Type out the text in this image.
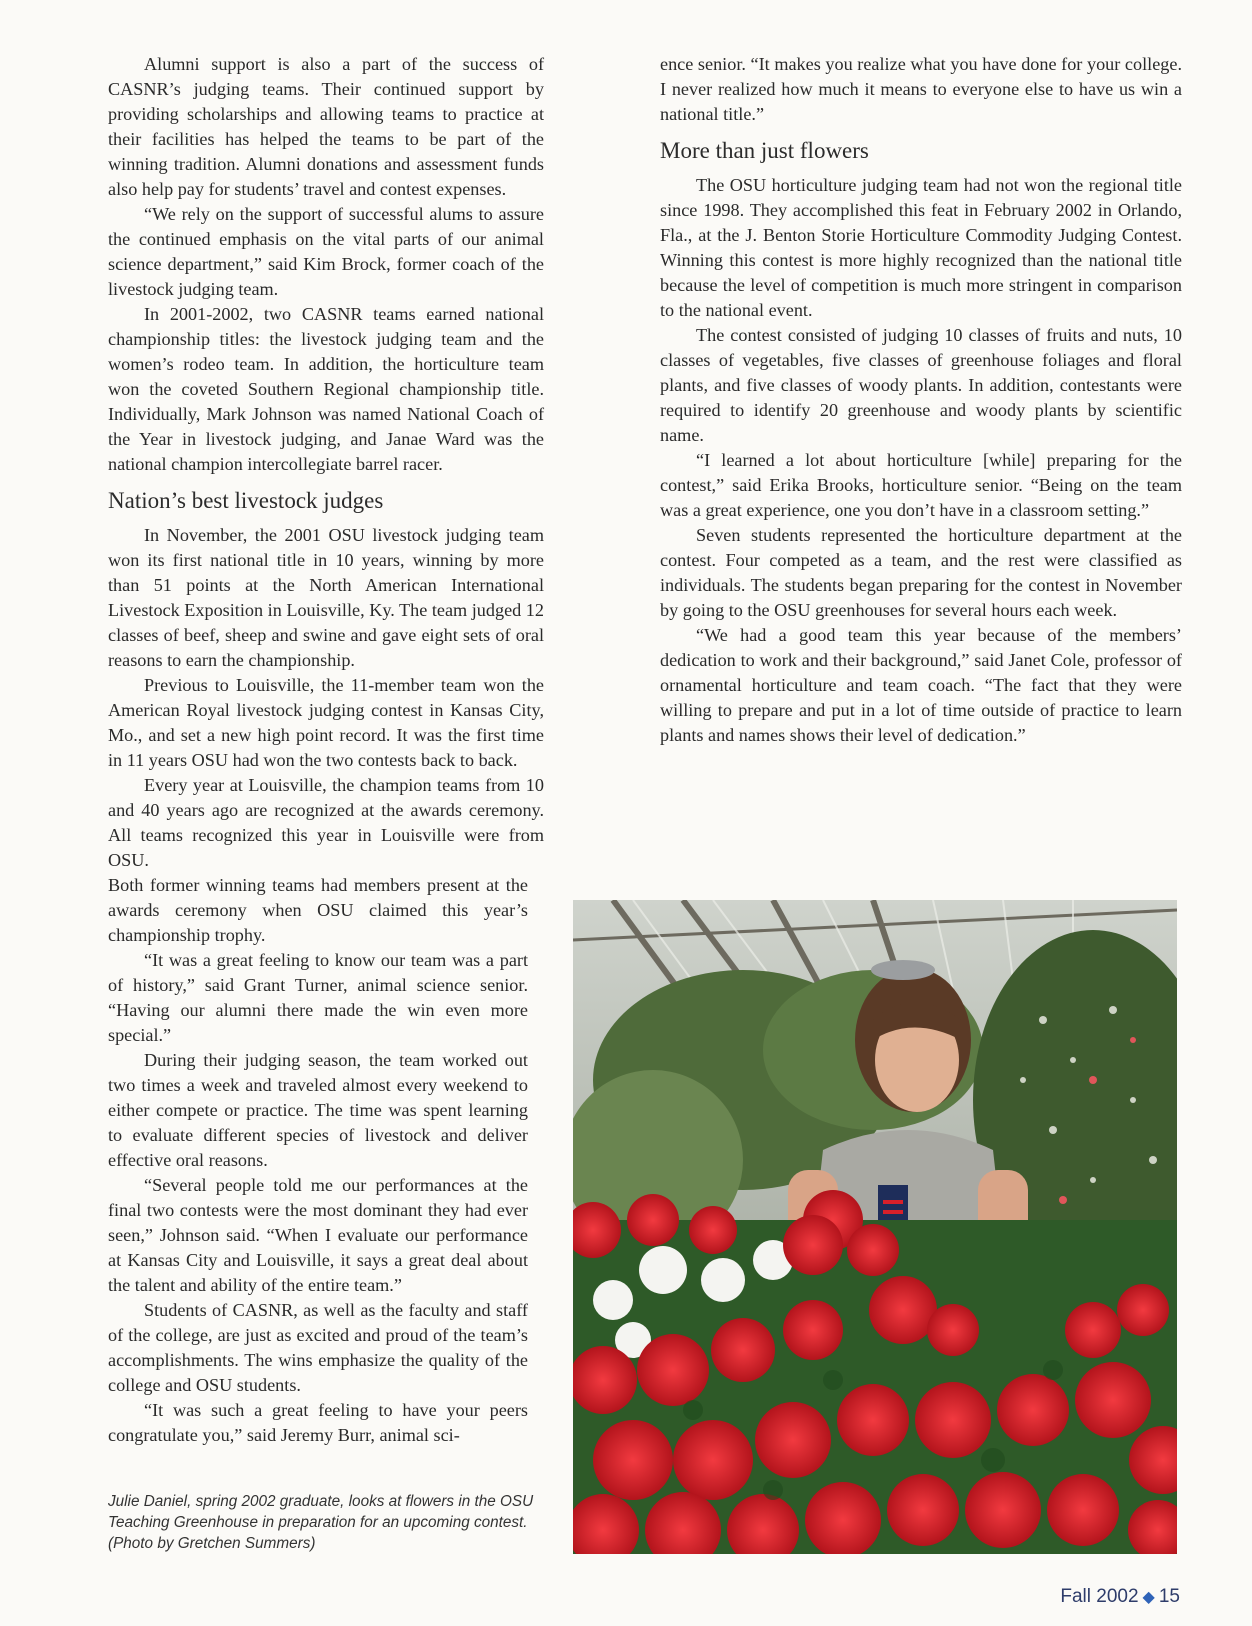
Alumni support is also a part of the success of CASNR’s judging teams. Their continued support by providing scholarships and allowing teams to practice at their facilities has helped the teams to be part of the winning tradition. Alumni donations and assessment funds also help pay for students’ travel and contest expenses.

“We rely on the support of successful alums to assure the continued emphasis on the vital parts of our animal science department,” said Kim Brock, former coach of the livestock judging team.

In 2001-2002, two CASNR teams earned national championship titles: the livestock judging team and the women’s rodeo team. In addition, the horticulture team won the coveted Southern Regional championship title. Individually, Mark Johnson was named National Coach of the Year in livestock judging, and Janae Ward was the national champion intercollegiate barrel racer.

Nation’s best livestock judges

In November, the 2001 OSU livestock judging team won its first national title in 10 years, winning by more than 51 points at the North American International Livestock Exposition in Louisville, Ky. The team judged 12 classes of beef, sheep and swine and gave eight sets of oral reasons to earn the championship.

Previous to Louisville, the 11-member team won the American Royal livestock judging contest in Kansas City, Mo., and set a new high point record. It was the first time in 11 years OSU had won the two contests back to back.

Every year at Louisville, the champion teams from 10 and 40 years ago are recognized at the awards ceremony. All teams recognized this year in Louisville were from OSU.

Both former winning teams had members present at the awards ceremony when OSU claimed this year’s championship trophy.

“It was a great feeling to know our team was a part of history,” said Grant Turner, animal science senior. “Having our alumni there made the win even more special.”

During their judging season, the team worked out two times a week and traveled almost every weekend to either compete or practice. The time was spent learning to evaluate different species of livestock and deliver effective oral reasons.

“Several people told me our performances at the final two contests were the most dominant they had ever seen,” Johnson said. “When I evaluate our performance at Kansas City and Louisville, it says a great deal about the talent and ability of the entire team.”

Students of CASNR, as well as the faculty and staff of the college, are just as excited and proud of the team’s accomplishments. The wins emphasize the quality of the college and OSU students.

“It was such a great feeling to have your peers congratulate you,” said Jeremy Burr, animal sci-

ence senior. “It makes you realize what you have done for your college. I never realized how much it means to everyone else to have us win a national title.”

More than just flowers

The OSU horticulture judging team had not won the regional title since 1998. They accomplished this feat in February 2002 in Orlando, Fla., at the J. Benton Storie Horticulture Commodity Judging Contest. Winning this contest is more highly recognized than the national title because the level of competition is much more stringent in comparison to the national event.

The contest consisted of judging 10 classes of fruits and nuts, 10 classes of vegetables, five classes of greenhouse foliages and floral plants, and five classes of woody plants. In addition, contestants were required to identify 20 greenhouse and woody plants by scientific name.

“I learned a lot about horticulture [while] preparing for the contest,” said Erika Brooks, horticulture senior. “Being on the team was a great experience, one you don’t have in a classroom setting.”

Seven students represented the horticulture department at the contest. Four competed as a team, and the rest were classified as individuals. The students began preparing for the contest in November by going to the OSU greenhouses for several hours each week.

“We had a good team this year because of the members’ dedication to work and their background,” said Janet Cole, professor of ornamental horticulture and team coach. “The fact that they were willing to prepare and put in a lot of time outside of practice to learn plants and names shows their level of dedication.”

Julie Daniel, spring 2002 graduate, looks at flowers in the OSU Teaching Greenhouse in preparation for an upcoming contest. (Photo by Gretchen Summers)
Fall 2002 ◆ 15
